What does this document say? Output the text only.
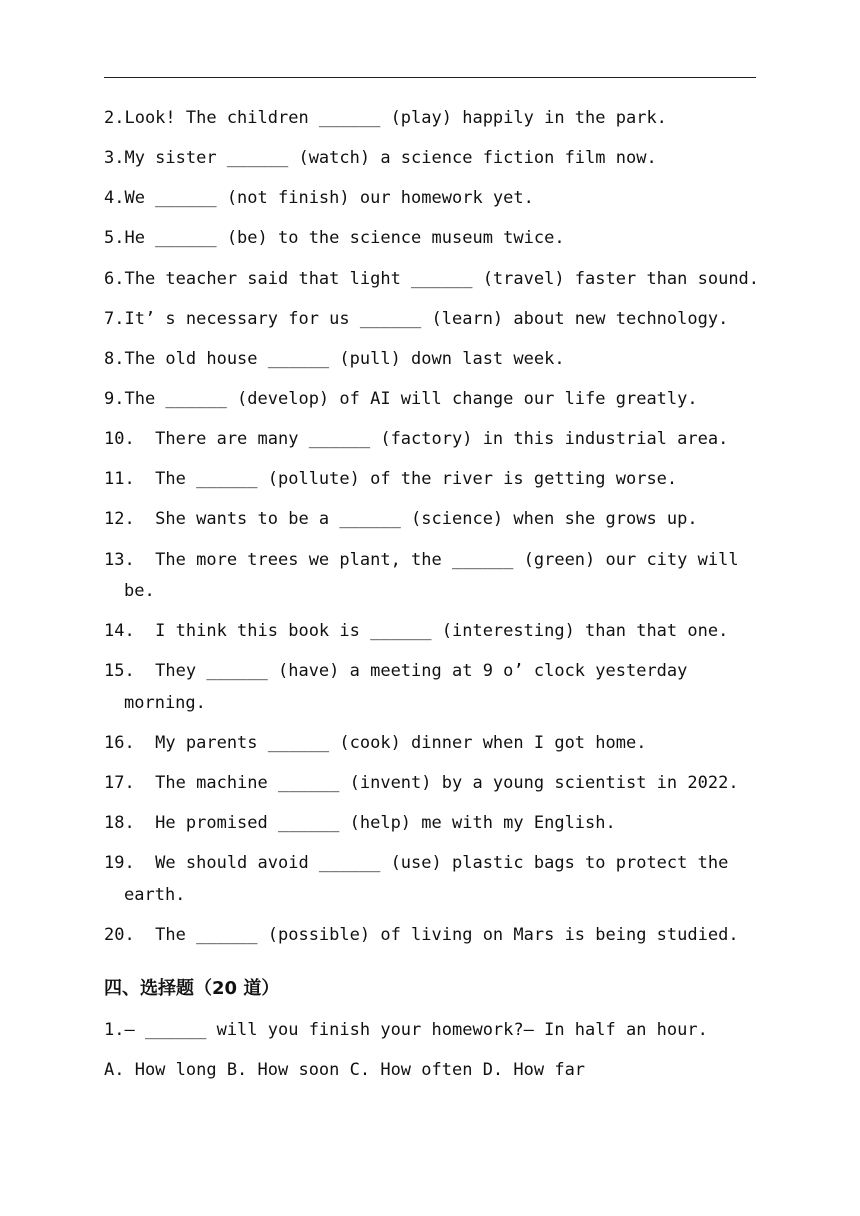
2.Look! The children ______ (play) happily in the park.
3.My sister ______ (watch) a science fiction film now.
4.We ______ (not finish) our homework yet.
5.He ______ (be) to the science museum twice.
6.The teacher said that light ______ (travel) faster than sound.
7.It’ s necessary for us ______ (learn) about new technology.
8.The old house ______ (pull) down last week.
9.The ______ (develop) of AI will change our life greatly.
10.  There are many ______ (factory) in this industrial area.
11.  The ______ (pollute) of the river is getting worse.
12.  She wants to be a ______ (science) when she grows up.
13.  The more trees we plant, the ______ (green) our city will
be.
14.  I think this book is ______ (interesting) than that one.
15.  They ______ (have) a meeting at 9 o’ clock yesterday
morning.
16.  My parents ______ (cook) dinner when I got home.
17.  The machine ______ (invent) by a young scientist in 2022.
18.  He promised ______ (help) me with my English.
19.  We should avoid ______ (use) plastic bags to protect the
earth.
20.  The ______ (possible) of living on Mars is being studied.
四、选择题（20 道）
1.— ______ will you finish your homework?— In half an hour.
A. How long B. How soon C. How often D. How far
